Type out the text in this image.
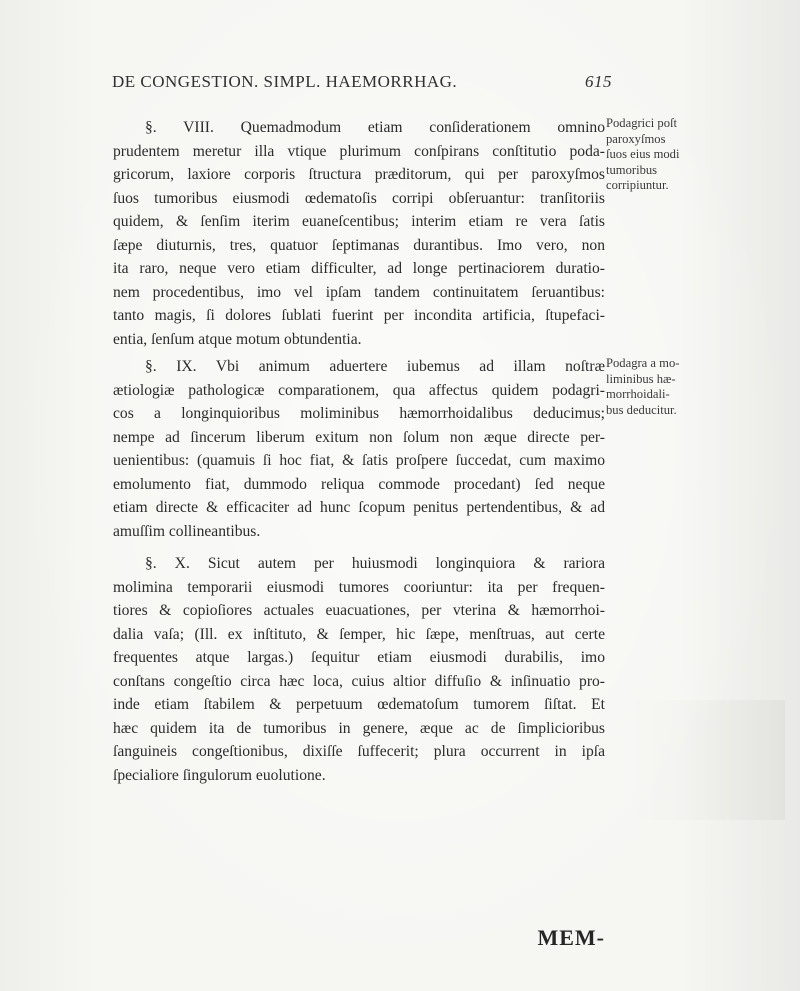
DE CONGESTION. SIMPL. HAEMORRHAG.	615
§. VIII. Quemadmodum etiam conſiderationem omnino
prudentem meretur illa vtique plurimum conſpirans conſtitutio poda-
gricorum, laxiore corporis ſtructura præditorum, qui per paroxyſmos
ſuos tumoribus eiusmodi œdematoſis corripi obſeruantur: tranſitoriis
quidem, & ſenſim iterim euaneſcentibus; interim etiam re vera ſatis
ſæpe diuturnis, tres, quatuor ſeptimanas durantibus. Imo vero, non
ita raro, neque vero etiam difficulter, ad longe pertinaciorem duratio-
nem procedentibus, imo vel ipſam tandem continuitatem ſeruantibus:
tanto magis, ſi dolores ſublati fuerint per incondita artificia, ſtupefaci-
entia, ſenſum atque motum obtundentia.
Podagrici poſt
paroxyſmos
ſuos eius modi
tumoribus
corripiuntur.
§. IX. Vbi animum aduertere iubemus ad illam noſtræ
ætiologiæ pathologicæ comparationem, qua affectus quidem podagri-
cos a longinquioribus moliminibus hæmorrhoidalibus deducimus;
nempe ad ſincerum liberum exitum non ſolum non æque directe per-
uenientibus: (quamuis ſi hoc fiat, & ſatis proſpere ſuccedat, cum maximo
emolumento fiat, dummodo reliqua commode procedant) ſed neque
etiam directe & efficaciter ad hunc ſcopum penitus pertendentibus, & ad
amuſſim collineantibus.
Podagra a mo-
liminibus hæ-
morrhoidali-
bus deducitur.
§. X. Sicut autem per huiusmodi longinquiora & rariora
molimina temporarii eiusmodi tumores cooriuntur: ita per frequen-
tiores & copioſiores actuales euacuationes, per vterina & hæmorrhoi-
dalia vaſa; (Ill. ex inſtituto, & ſemper, hic ſæpe, menſtruas, aut certe
frequentes atque largas.) ſequitur etiam eiusmodi durabilis, imo
conſtans congeſtio circa hæc loca, cuius altior diffuſio & inſinuatio pro-
inde etiam ſtabilem & perpetuum œdematoſum tumorem ſiſtat. Et
hæc quidem ita de tumoribus in genere, æque ac de ſimplicioribus
ſanguineis congeſtionibus, dixiſſe ſuffecerit; plura occurrent in ipſa
ſpecialiore ſingulorum euolutione.
MEM-
